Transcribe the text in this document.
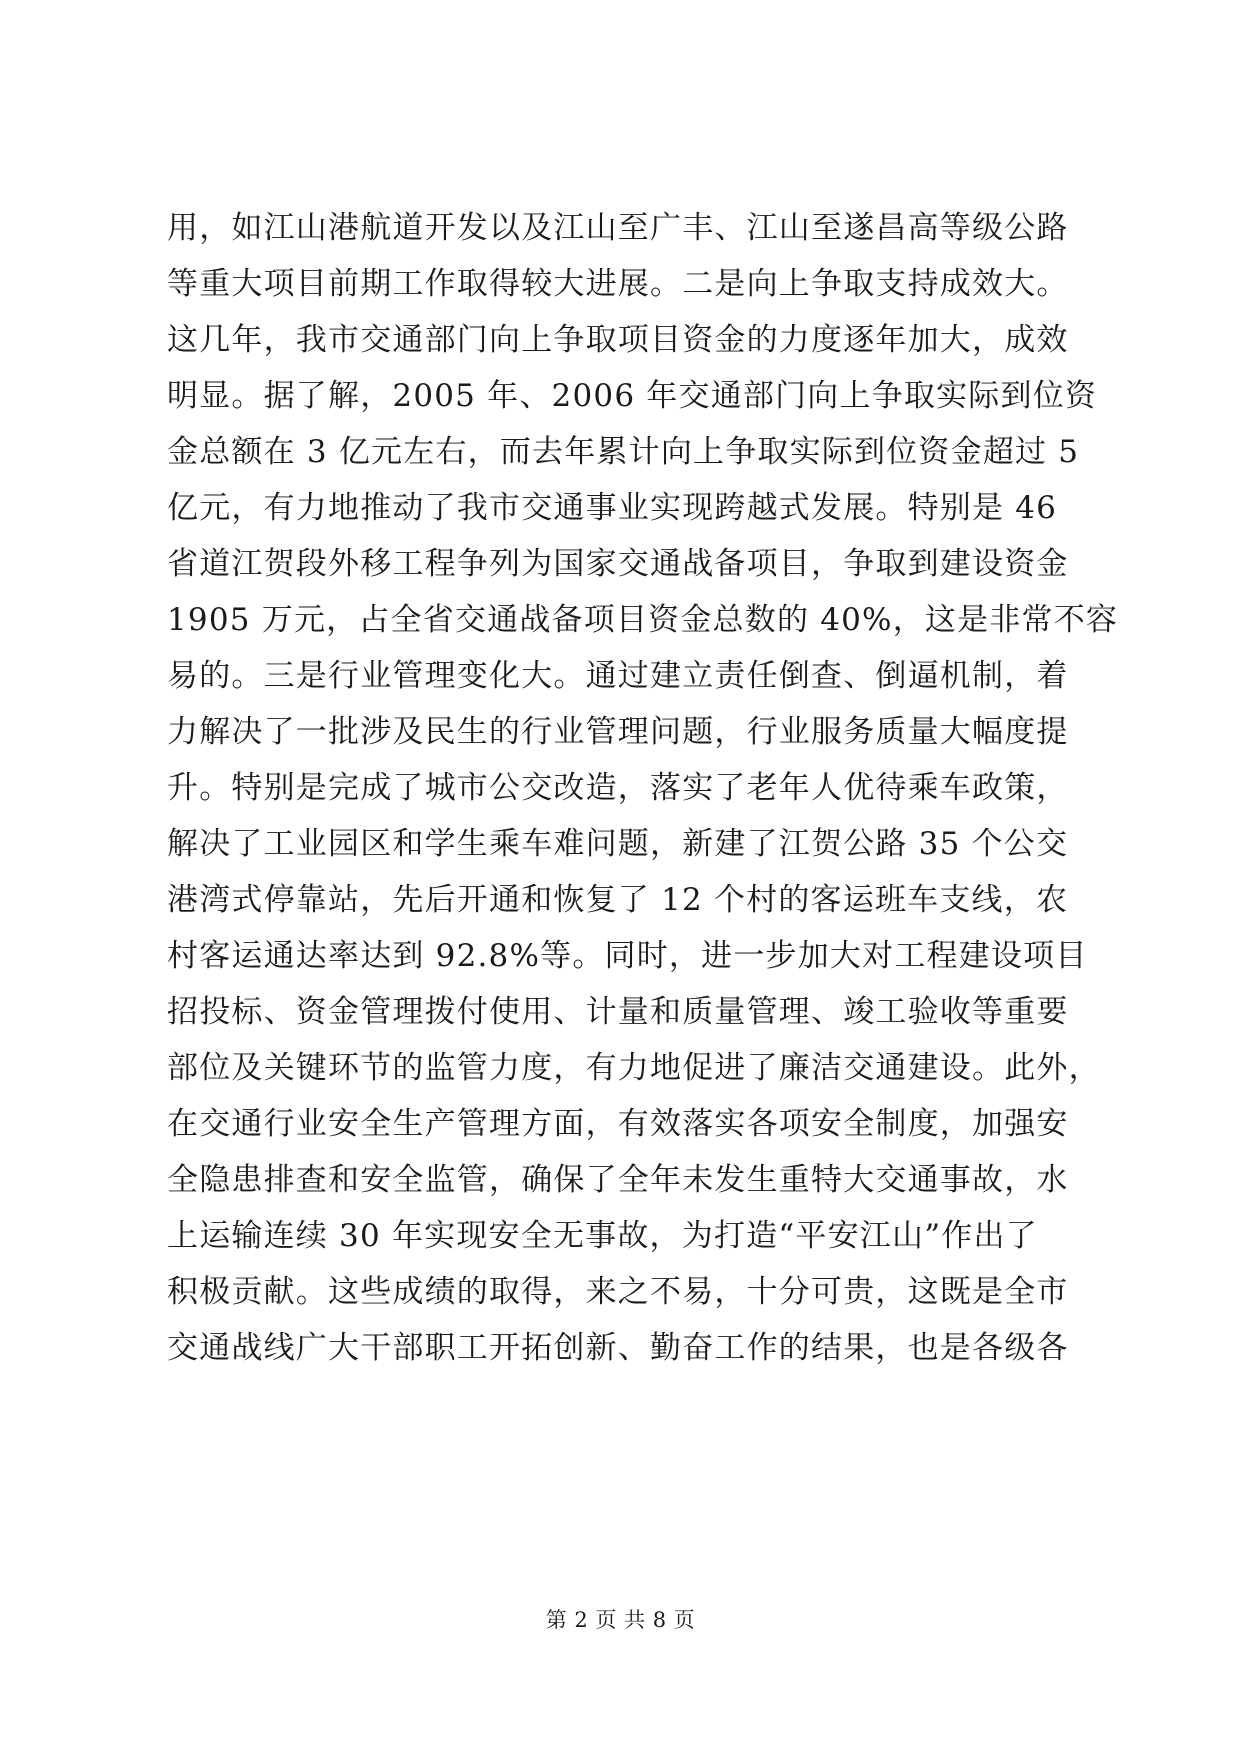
用，如江山港航道开发以及江山至广丰、江山至遂昌高等级公路
等重大项目前期工作取得较大进展。二是向上争取支持成效大。
这几年，我市交通部门向上争取项目资金的力度逐年加大，成效
明显。据了解，2005 年、2006 年交通部门向上争取实际到位资
金总额在 3 亿元左右，而去年累计向上争取实际到位资金超过 5
亿元，有力地推动了我市交通事业实现跨越式发展。特别是 46
省道江贺段外移工程争列为国家交通战备项目，争取到建设资金
1905 万元，占全省交通战备项目资金总数的 40%，这是非常不容
易的。三是行业管理变化大。通过建立责任倒查、倒逼机制，着
力解决了一批涉及民生的行业管理问题，行业服务质量大幅度提
升。特别是完成了城市公交改造，落实了老年人优待乘车政策，
解决了工业园区和学生乘车难问题，新建了江贺公路 35 个公交
港湾式停靠站，先后开通和恢复了 12 个村的客运班车支线，农
村客运通达率达到 92.8%等。同时，进一步加大对工程建设项目
招投标、资金管理拨付使用、计量和质量管理、竣工验收等重要
部位及关键环节的监管力度，有力地促进了廉洁交通建设。此外，
在交通行业安全生产管理方面，有效落实各项安全制度，加强安
全隐患排查和安全监管，确保了全年未发生重特大交通事故，水
上运输连续 30 年实现安全无事故，为打造“平安江山”作出了
积极贡献。这些成绩的取得，来之不易，十分可贵，这既是全市
交通战线广大干部职工开拓创新、勤奋工作的结果，也是各级各
第 2 页 共 8 页
